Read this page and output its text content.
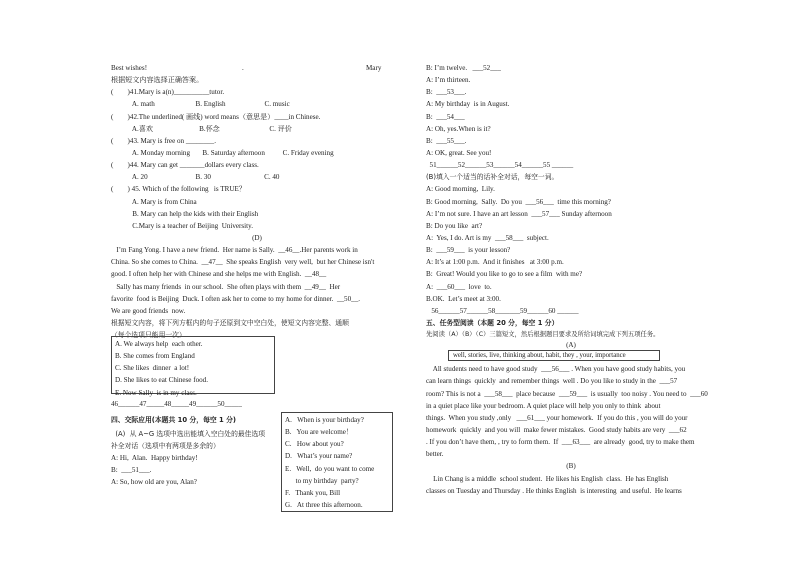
Best wishes!
根据短文内容选择正确答案。
(        )41.Mary is a(n)__________tutor.
A. math                       B. English                      C. music
(        )42.The underlined( 画线) word means（意思是）____in Chinese.
A.喜欢                          B.怀念                            C. 评价
(        )43. Mary is free on ________.
A. Monday morning       B. Saturday afternoon          C. Friday evening
(        )44. Mary can get _______dollars every class.
A. 20                           B. 30                              C. 40
(        ) 45. Which of the following   is TRUE？
A. Mary is from China
B. Mary can help the kids with their English
C.Mary is a teacher of Beijing  University.
(D)
I’m Fang Yong. I have a new friend.  Her name is Sally.  __46__.Her parents work in
China. So she comes to China.  __47__  She speaks English  very well,  but her Chinese isn't
good. I often help her with Chinese and she helps me with English.  __48__
Sally has many friends  in our school.  She often plays with them  __49__  Her
favorite  food is Beijing  Duck. I often ask her to come to my home for dinner.  __50__.
We are good friends  now.
根据短文内容，将下列方框内的句子还原到文中空白处，使短文内容完整、通顺
（每个选项只能用一次）
Mary
.
A. We always help  each other.
B. She comes from England
C. She likes  dinner  a lot!
D. She likes to eat Chinese food.
E. Now Sally  is in my class.
46______47_____48_____49______50_____
四、交际应用(本题共 10 分，每空 1 分)
(A)  从 A~G 选项中选出能填入空白处的最佳选项
补全对话（选项中有两项是多余的）
A: Hi,  Alan.  Happy birthday!
B:  ___51___.
A: So, how old are you, Alan?
A.   When is your birthday?
B.   You are welcome！
C.   How about you?
D.   What’s your name?
E.   Well,  do you want to come
to my birthday  party?
F.   Thank you, Bill
G.   At three this afternoon.
B: I’m twelve.   ___52___
A: I’m thirteen.
B:  ___53___.
A: My birthday  is in August.
B:  ___54___
A: Oh, yes.When is it?
B:  ___55___.
A: OK, great. See you!
51______52______53______54______55 ______
(B)填入一个适当的话补全对话，每空一词。
A: Good morning,  Lily.
B: Good morning,  Sally.  Do you  ___56___  time this morning?
A: I’m not sure. I have an art lesson  ___57___ Sunday afternoon
B: Do you like  art?
A:  Yes, I do. Art is my  ___58___  subject.
B:  ___59___  is your lesson?
A: It’s at 1:00 p.m.  And it finishes   at 3:00 p.m.
B:  Great! Would you like to go to see a film  with me?
A:  ___60___  love  to.
B.OK.  Let’s meet at 3:00.
56______57______58_______59______60 ______
五、任务型阅读（本题 20 分，每空 1 分）
先阅读（A）（B）（C）三篇短文，然后根据题目要求及所给词填完成下列五项任务。
(A)
well, stories, live, thinking about, habit, they , your, importance
All students need to have good study  ___56___ . When you have good study habits, you
can learn things  quickly  and remember things  well . Do you like to study in the  ___57
room? This is not a  ___58___  place because  ___59___  is usually  too noisy . You need to  ___60
in a quiet place like your bedroom. A quiet place will help you only to think  about
things.  When you study ,only   ___61___ your homework.  If you do this , you will do your
homework  quickly  and you will  make fewer mistakes.  Good study habits are very  ___62
. If you don’t have them, , try to form them.  If  ___63___  are already  good, try to make them
better.
(B)
Lin Chang is a middle  school student.  He likes his English  class.  He has English
classes on Tuesday and Thursday . He thinks English  is interesting  and useful.  He learns
